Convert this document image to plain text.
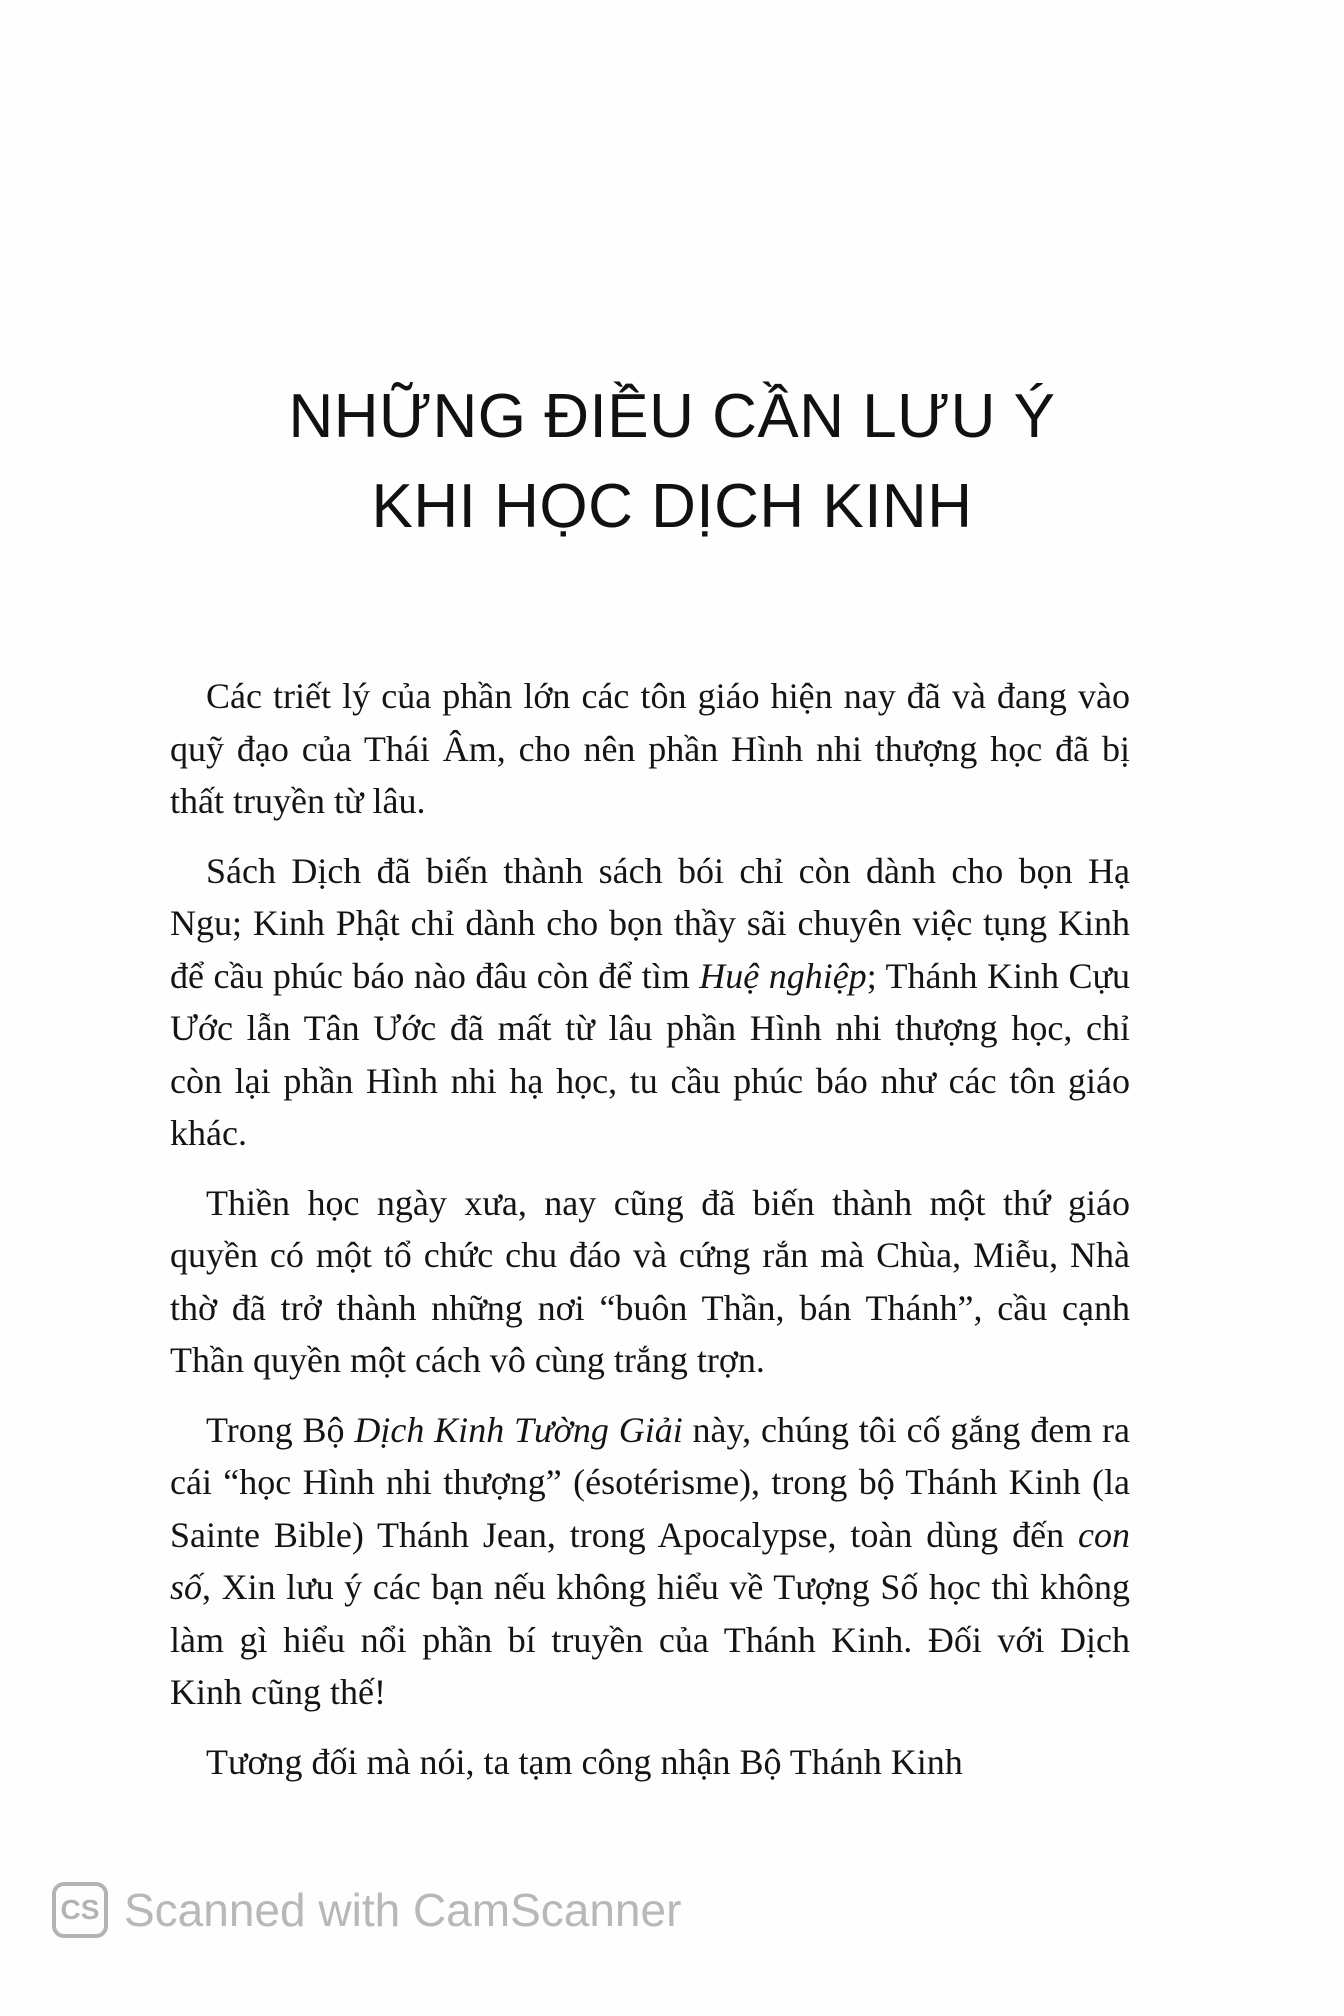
NHỮNG ĐIỀU CẦN LƯU Ý
KHI HỌC DỊCH KINH

Các triết lý của phần lớn các tôn giáo hiện nay đã và đang vào quỹ đạo của Thái Âm, cho nên phần Hình nhi thượng học đã bị thất truyền từ lâu.

Sách Dịch đã biến thành sách bói chỉ còn dành cho bọn Hạ Ngu; Kinh Phật chỉ dành cho bọn thầy sãi chuyên việc tụng Kinh để cầu phúc báo nào đâu còn để tìm Huệ nghiệp; Thánh Kinh Cựu Ước lẫn Tân Ước đã mất từ lâu phần Hình nhi thượng học, chỉ còn lại phần Hình nhi hạ học, tu cầu phúc báo như các tôn giáo khác.

Thiền học ngày xưa, nay cũng đã biến thành một thứ giáo quyền có một tổ chức chu đáo và cứng rắn mà Chùa, Miễu, Nhà thờ đã trở thành những nơi “buôn Thần, bán Thánh”, cầu cạnh Thần quyền một cách vô cùng trắng trợn.

Trong Bộ Dịch Kinh Tường Giải này, chúng tôi cố gắng đem ra cái “học Hình nhi thượng” (ésotérisme), trong bộ Thánh Kinh (la Sainte Bible) Thánh Jean, trong Apocalypse, toàn dùng đến con số, Xin lưu ý các bạn nếu không hiểu về Tượng Số học thì không làm gì hiểu nổi phần bí truyền của Thánh Kinh. Đối với Dịch Kinh cũng thế!

Tương đối mà nói, ta tạm công nhận Bộ Thánh Kinh

CS Scanned with CamScanner
